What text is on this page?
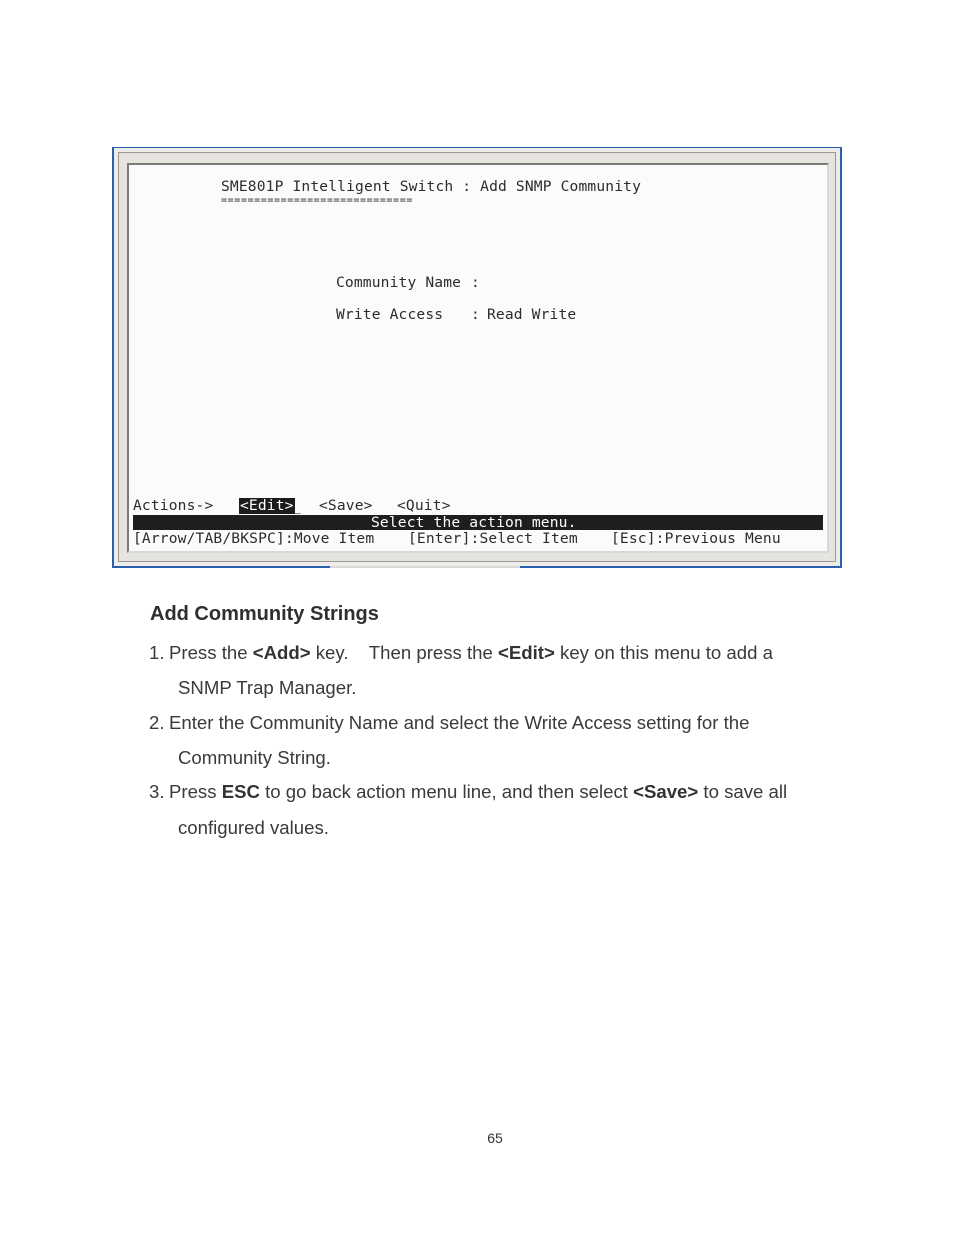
SME801P Intelligent Switch : Add SNMP Community
=============================
Community Name :
Write Access : Read Write
Actions-> <Edit>
_ <Save> <Quit>
Select the action menu.
[Arrow/TAB/BKSPC]:Move Item [Enter]:Select Item [Esc]:Previous Menu
Add Community Strings
1. Press the <Add> key.    Then press the <Edit> key on this menu to add a
SNMP Trap Manager.
2. Enter the Community Name and select the Write Access setting for the
Community String.
3. Press ESC to go back action menu line, and then select <Save> to save all
configured values.
65
